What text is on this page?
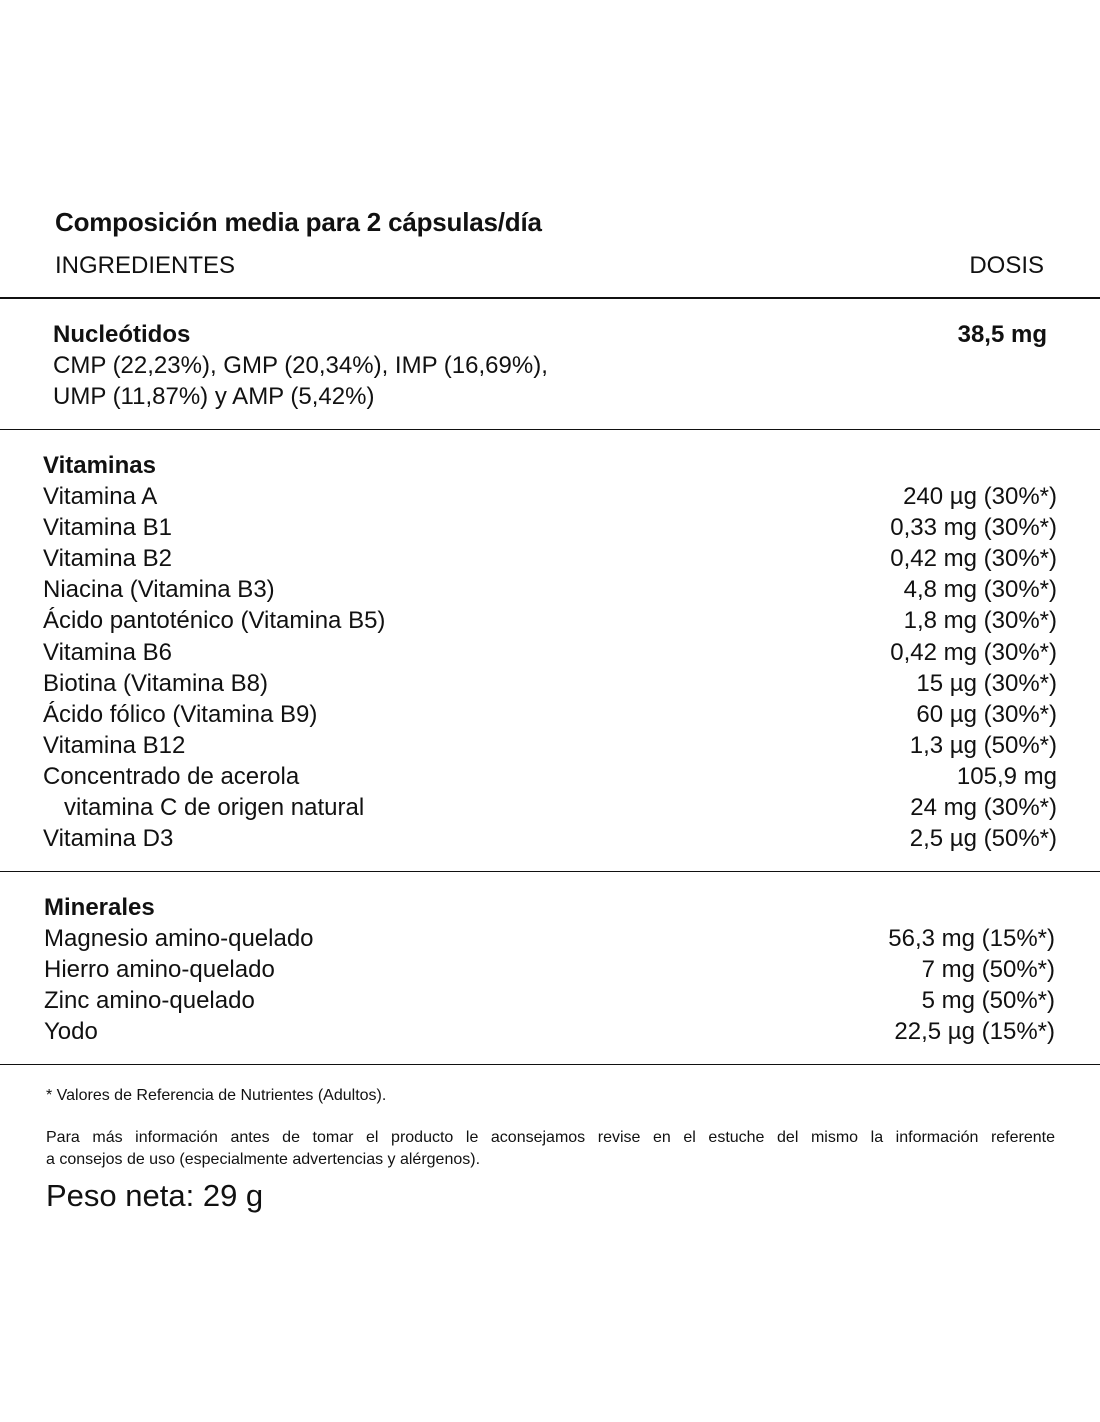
Composición media para 2 cápsulas/día
INGREDIENTES	DOSIS
Nucleótidos	38,5 mg
CMP (22,23%), GMP (20,34%), IMP (16,69%),
UMP (11,87%) y AMP (5,42%)
Vitaminas
Vitamina A	240 µg (30%*)
Vitamina B1	0,33 mg (30%*)
Vitamina B2	0,42 mg (30%*)
Niacina (Vitamina B3)	4,8 mg (30%*)
Ácido pantoténico (Vitamina B5)	1,8 mg (30%*)
Vitamina B6	0,42 mg (30%*)
Biotina (Vitamina B8)	15 µg (30%*)
Ácido fólico (Vitamina B9)	60 µg (30%*)
Vitamina B12	1,3 µg (50%*)
Concentrado de acerola	105,9 mg
vitamina C de origen natural	24 mg (30%*)
Vitamina D3	2,5 µg (50%*)
Minerales
Magnesio amino-quelado	56,3 mg (15%*)
Hierro amino-quelado	7 mg (50%*)
Zinc amino-quelado	5 mg (50%*)
Yodo	22,5 µg (15%*)
* Valores de Referencia de Nutrientes (Adultos).
Para más información antes de tomar el producto le aconsejamos revise en el estuche del mismo la información referente
a consejos de uso (especialmente advertencias y alérgenos).
Peso neta: 29 g
